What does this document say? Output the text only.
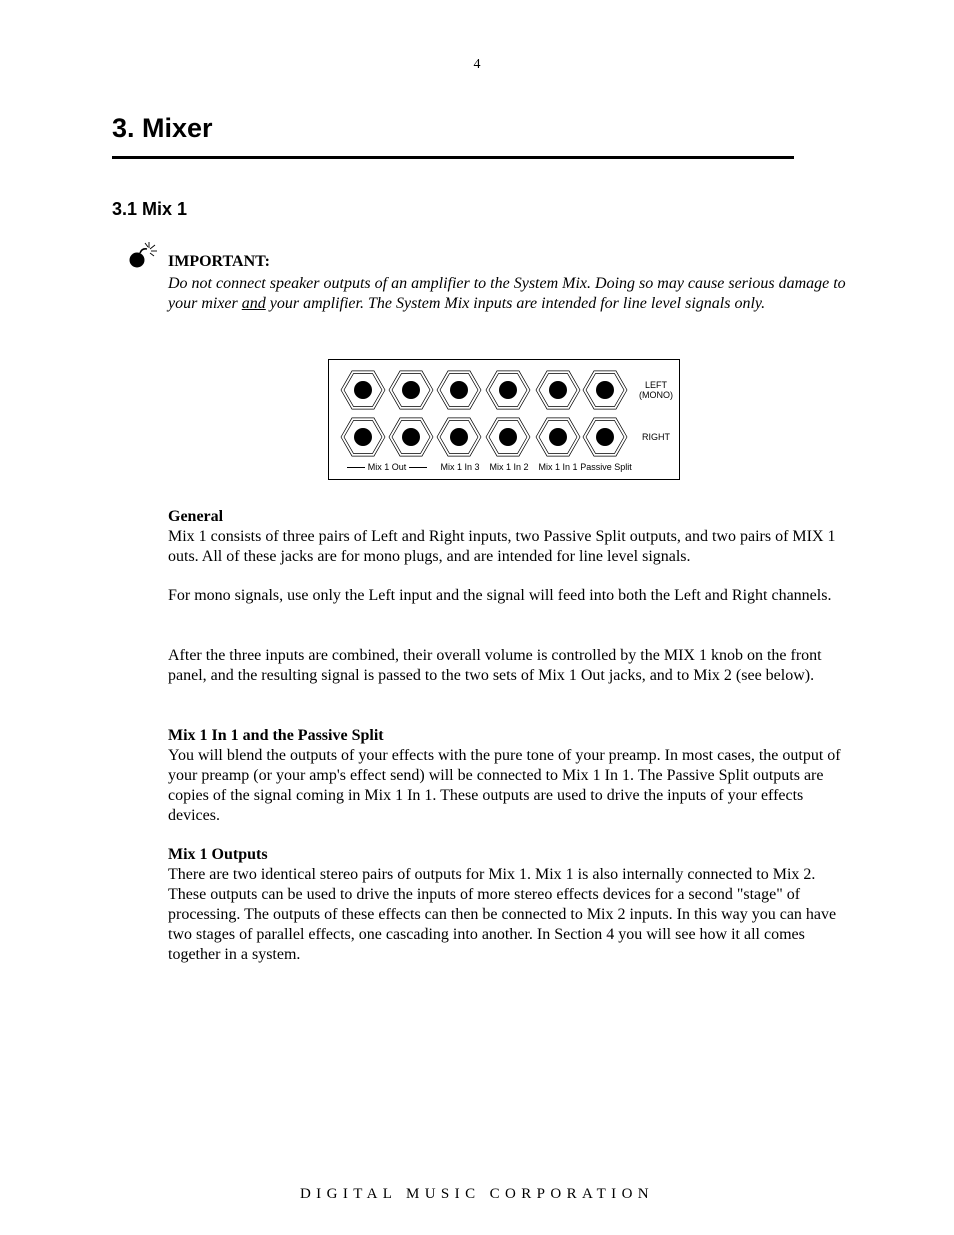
4
3. Mixer
3.1 Mix 1
IMPORTANT:

Do not connect speaker outputs of an amplifier to the System Mix. Doing so may cause serious damage to your mixer and your amplifier. The System Mix inputs are intended for line level signals only.

LEFT
(MONO)
RIGHT
Mix 1 Out	Mix 1 In 3 Mix 1 In 2 Mix 1 In 1 Passive Split
General

Mix 1 consists of three pairs of Left and Right inputs, two Passive Split outputs, and two pairs of MIX 1 outs. All of these jacks are for mono plugs, and are intended for line level signals.

For mono signals, use only the Left input and the signal will feed into both the Left and Right channels.

After the three inputs are combined, their overall volume is controlled by the MIX 1 knob on the front panel, and the resulting signal is passed to the two sets of Mix 1 Out jacks, and to Mix 2 (see below).

Mix 1 In 1 and the Passive Split

You will blend the outputs of your effects with the pure tone of your preamp. In most cases, the output of your preamp (or your amp's effect send) will be connected to Mix 1 In 1. The Passive Split outputs are copies of the signal coming in Mix 1 In 1. These outputs are used to drive the inputs of your effects devices.

Mix 1 Outputs

There are two identical stereo pairs of outputs for Mix 1. Mix 1 is also internally connected to Mix 2. These outputs can be used to drive the inputs of more stereo effects devices for a second "stage" of processing. The outputs of these effects can then be connected to Mix 2 inputs. In this way you can have two stages of parallel effects, one cascading into another. In Section 4 you will see how it all comes together in a system.

DIGITAL MUSIC CORPORATION
